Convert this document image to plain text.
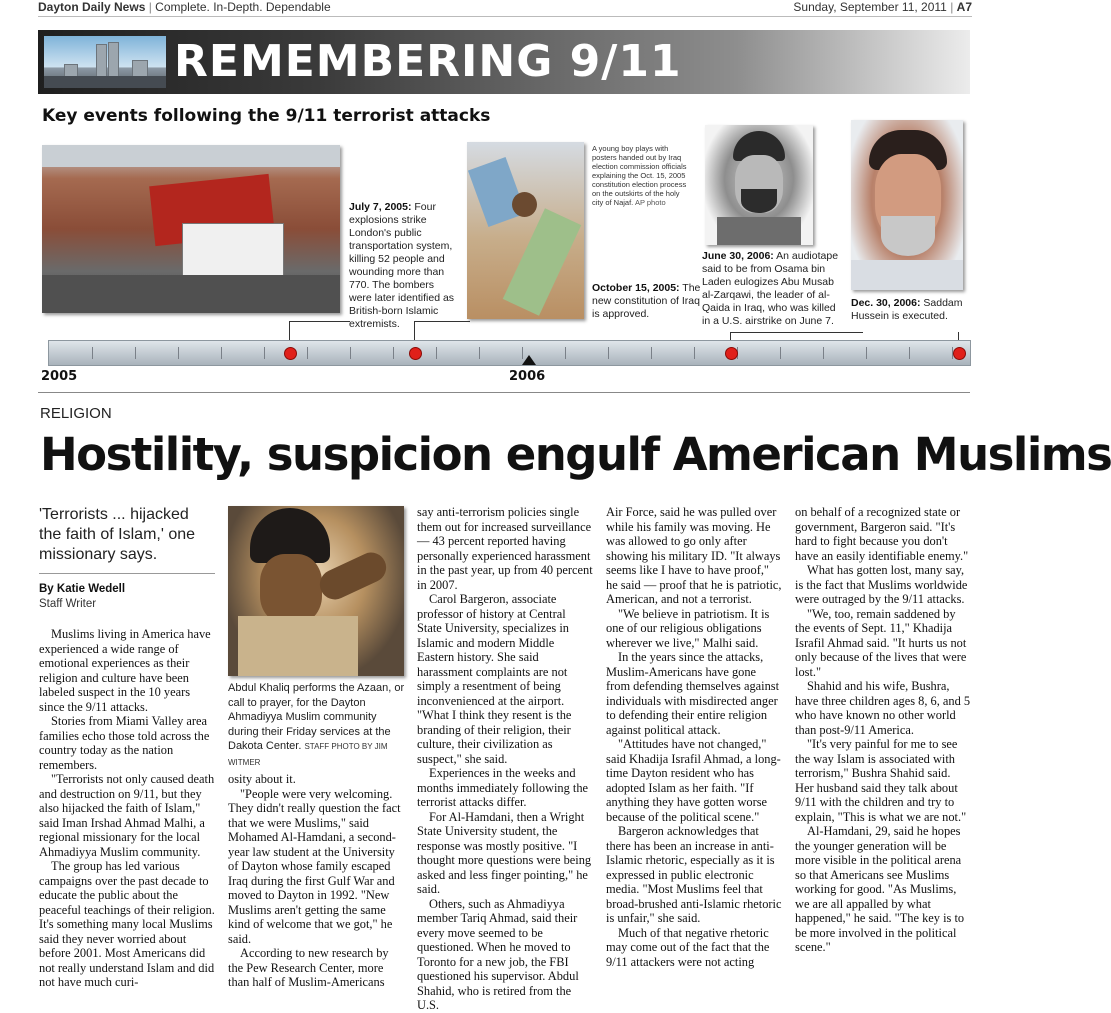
Dayton Daily News | Complete. In-Depth. Dependable	Sunday, September 11, 2011 | A7
REMEMBERING 9/11
Key events following the 9/11 terrorist attacks
July 7, 2005: Four explosions strike London's public transportation system, killing 52 people and wounding more than 770. The bombers were later identified as British-born Islamic extremists.
A young boy plays with posters handed out by Iraq election commission officials explaining the Oct. 15, 2005 constitution election process on the outskirts of the holy city of Najaf. AP photo
October 15, 2005: The new constitution of Iraq is approved.
June 30, 2006: An audiotape said to be from Osama bin Laden eulogizes Abu Musab al-Zarqawi, the leader of al-Qaida in Iraq, who was killed in a U.S. airstrike on June 7.
Dec. 30, 2006: Saddam Hussein is executed.
2005	2006
RELIGION
Hostility, suspicion engulf American Muslims
'Terrorists ... hijacked the faith of Islam,' one missionary says.
By Katie Wedell
Staff Writer
Abdul Khaliq performs the Azaan, or call to prayer, for the Dayton Ahmadiyya Muslim community during their Friday services at the Dakota Center. STAFF PHOTO BY JIM WITMER

Muslims living in America have experienced a wide range of emotional experiences as their religion and culture have been labeled suspect in the 10 years since the 9/11 attacks.

Stories from Miami Valley area families echo those told across the country today as the nation remembers.

"Terrorists not only caused death and destruction on 9/11, but they also hijacked the faith of Islam," said Iman Irshad Ahmad Malhi, a regional missionary for the local Ahmadiyya Muslim community.

The group has led various campaigns over the past decade to educate the public about the peaceful teachings of their religion. It's something many local Muslims said they never worried about before 2001. Most Americans did not really understand Islam and did not have much curi-

osity about it.

"People were very welcoming. They didn't really question the fact that we were Muslims," said Mohamed Al-Hamdani, a second-year law student at the University of Dayton whose family escaped Iraq during the first Gulf War and moved to Dayton in 1992. "New Muslims aren't getting the same kind of welcome that we got," he said.

According to new research by the Pew Research Center, more than half of Muslim-Americans

say anti-terrorism policies single them out for increased surveillance — 43 percent reported having personally experienced harassment in the past year, up from 40 percent in 2007.

Carol Bargeron, associate professor of history at Central State University, specializes in Islamic and modern Middle Eastern history. She said harassment complaints are not simply a resentment of being inconvenienced at the airport. "What I think they resent is the branding of their religion, their culture, their civilization as suspect," she said.

Experiences in the weeks and months immediately following the terrorist attacks differ.

For Al-Hamdani, then a Wright State University student, the response was mostly positive. "I thought more questions were being asked and less finger pointing," he said.

Others, such as Ahmadiyya member Tariq Ahmad, said their every move seemed to be questioned. When he moved to Toronto for a new job, the FBI questioned his supervisor. Abdul Shahid, who is retired from the U.S.

Air Force, said he was pulled over while his family was moving. He was allowed to go only after showing his military ID. "It always seems like I have to have proof," he said — proof that he is patriotic, American, and not a terrorist.

"We believe in patriotism. It is one of our religious obligations wherever we live," Malhi said.

In the years since the attacks, Muslim-Americans have gone from defending themselves against individuals with misdirected anger to defending their entire religion against political attack.

"Attitudes have not changed," said Khadija Israfil Ahmad, a long-time Dayton resident who has adopted Islam as her faith. "If anything they have gotten worse because of the political scene."

Bargeron acknowledges that there has been an increase in anti-Islamic rhetoric, especially as it is expressed in public electronic media. "Most Muslims feel that broad-brushed anti-Islamic rhetoric is unfair," she said.

Much of that negative rhetoric may come out of the fact that the 9/11 attackers were not acting

on behalf of a recognized state or government, Bargeron said. "It's hard to fight because you don't have an easily identifiable enemy."

What has gotten lost, many say, is the fact that Muslims worldwide were outraged by the 9/11 attacks.

"We, too, remain saddened by the events of Sept. 11," Khadija Israfil Ahmad said. "It hurts us not only because of the lives that were lost."

Shahid and his wife, Bushra, have three children ages 8, 6, and 5 who have known no other world than post-9/11 America.

"It's very painful for me to see the way Islam is associated with terrorism," Bushra Shahid said. Her husband said they talk about 9/11 with the children and try to explain, "This is what we are not."

Al-Hamdani, 29, said he hopes the younger generation will be more visible in the political arena so that Americans see Muslims working for good. "As Muslims, we are all appalled by what happened," he said. "The key is to be more involved in the political scene."
